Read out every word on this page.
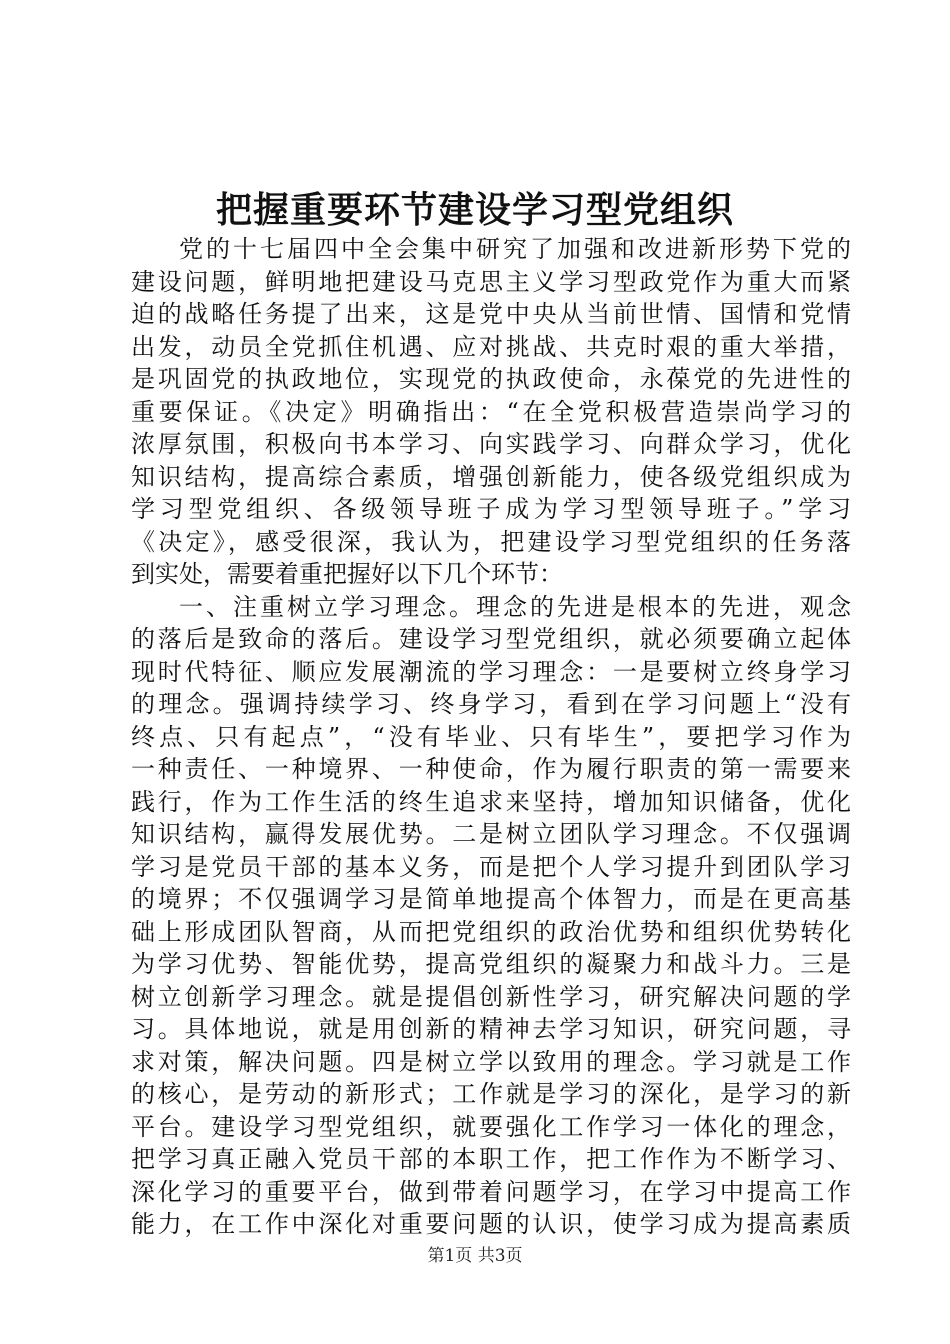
把握重要环节建设学习型党组织
党的十七届四中全会集中研究了加强和改进新形势下党的
建设问题，鲜明地把建设马克思主义学习型政党作为重大而紧
迫的战略任务提了出来，这是党中央从当前世情、国情和党情
出发，动员全党抓住机遇、应对挑战、共克时艰的重大举措，
是巩固党的执政地位，实现党的执政使命，永葆党的先进性的
重要保证。《决定》明确指出：“在全党积极营造崇尚学习的
浓厚氛围，积极向书本学习、向实践学习、向群众学习，优化
知识结构，提高综合素质，增强创新能力，使各级党组织成为
学习型党组织、各级领导班子成为学习型领导班子。”学习
《决定》，感受很深，我认为，把建设学习型党组织的任务落
到实处，需要着重把握好以下几个环节：
一、注重树立学习理念。理念的先进是根本的先进，观念
的落后是致命的落后。建设学习型党组织，就必须要确立起体
现时代特征、顺应发展潮流的学习理念：一是要树立终身学习
的理念。强调持续学习、终身学习，看到在学习问题上“没有
终点、只有起点”，“没有毕业、只有毕生”，要把学习作为
一种责任、一种境界、一种使命，作为履行职责的第一需要来
践行，作为工作生活的终生追求来坚持，增加知识储备，优化
知识结构，赢得发展优势。二是树立团队学习理念。不仅强调
学习是党员干部的基本义务，而是把个人学习提升到团队学习
的境界；不仅强调学习是简单地提高个体智力，而是在更高基
础上形成团队智商，从而把党组织的政治优势和组织优势转化
为学习优势、智能优势，提高党组织的凝聚力和战斗力。三是
树立创新学习理念。就是提倡创新性学习，研究解决问题的学
习。具体地说，就是用创新的精神去学习知识，研究问题，寻
求对策，解决问题。四是树立学以致用的理念。学习就是工作
的核心，是劳动的新形式；工作就是学习的深化，是学习的新
平台。建设学习型党组织，就要强化工作学习一体化的理念，
把学习真正融入党员干部的本职工作，把工作作为不断学习、
深化学习的重要平台，做到带着问题学习，在学习中提高工作
能力，在工作中深化对重要问题的认识，使学习成为提高素质
第1页 共3页
